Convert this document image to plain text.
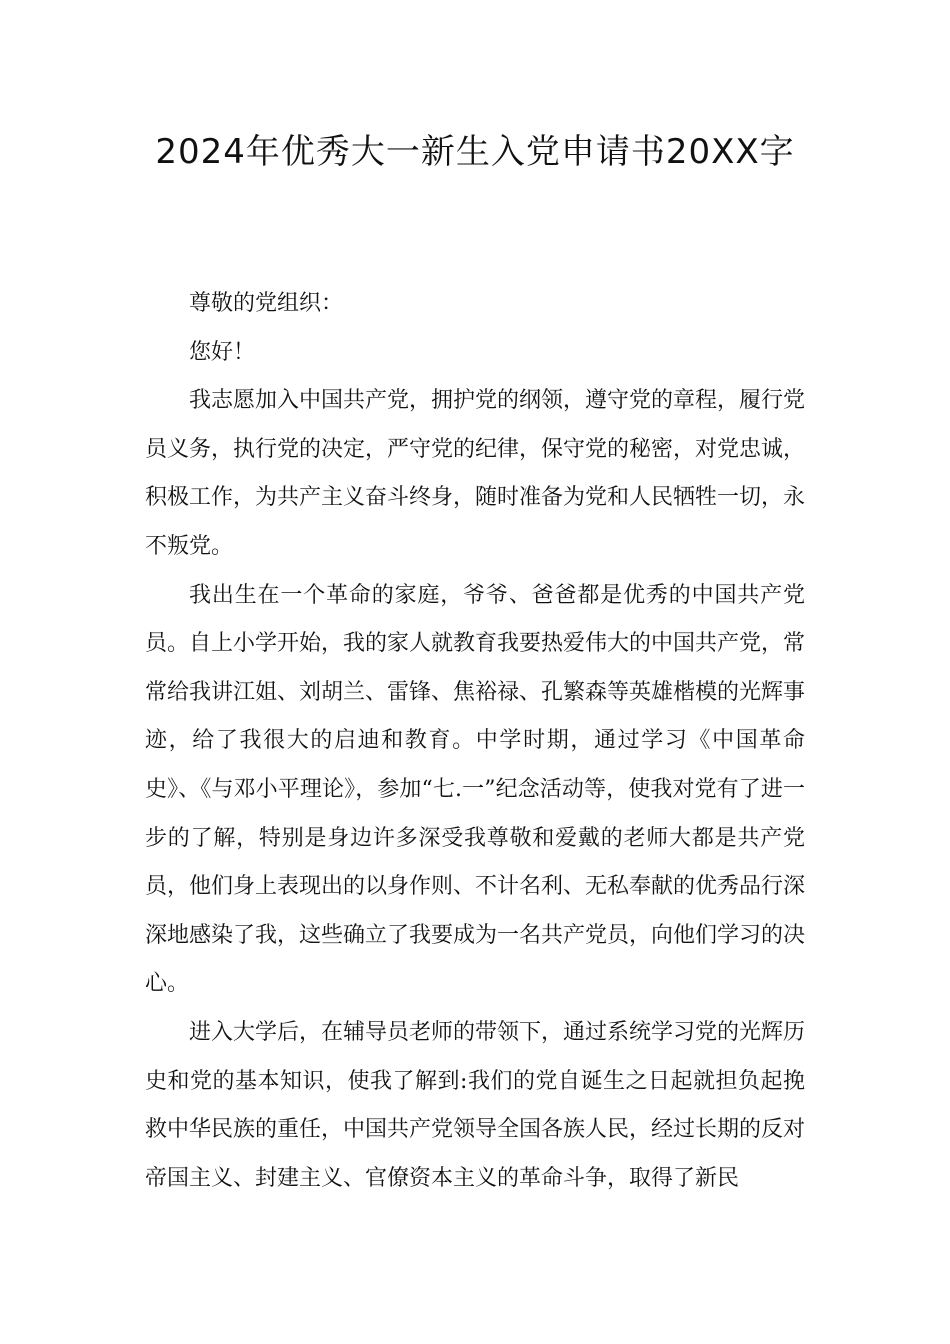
2024年优秀大一新生入党申请书20XX字

尊敬的党组织：

您好！

我志愿加入中国共产党，拥护党的纲领，遵守党的章程，履行党员义务，执行党的决定，严守党的纪律，保守党的秘密，对党忠诚，积极工作，为共产主义奋斗终身，随时准备为党和人民牺牲一切，永不叛党。

我出生在一个革命的家庭，爷爷、爸爸都是优秀的中国共产党员。自上小学开始，我的家人就教育我要热爱伟大的中国共产党，常常给我讲江姐、刘胡兰、雷锋、焦裕禄、孔繁森等英雄楷模的光辉事迹，给了我很大的启迪和教育。中学时期，通过学习《中国革命史》、《与邓小平理论》，参加“七.一”纪念活动等，使我对党有了进一步的了解，特别是身边许多深受我尊敬和爱戴的老师大都是共产党员，他们身上表现出的以身作则、不计名利、无私奉献的优秀品行深深地感染了我，这些确立了我要成为一名共产党员，向他们学习的决心。

进入大学后，在辅导员老师的带领下，通过系统学习党的光辉历史和党的基本知识，使我了解到:我们的党自诞生之日起就担负起挽救中华民族的重任，中国共产党领导全国各族人民，经过长期的反对帝国主义、封建主义、官僚资本主义的革命斗争，取得了新民
